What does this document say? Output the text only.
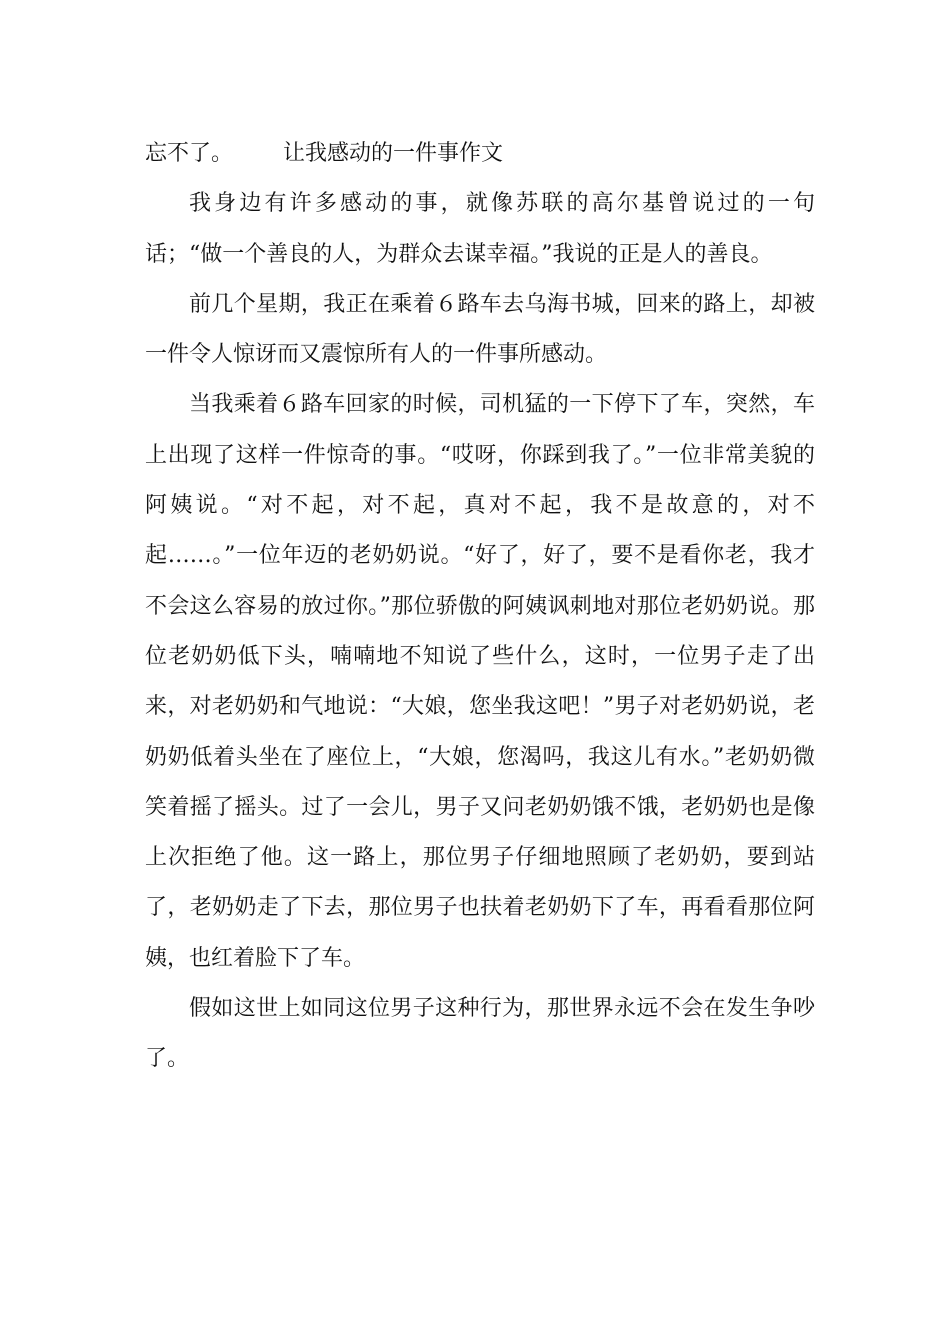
忘不了。 让我感动的一件事作文

我身边有许多感动的事，就像苏联的高尔基曾说过的一句话；“做一个善良的人，为群众去谋幸福。”我说的正是人的善良。

前几个星期，我正在乘着６路车去乌海书城，回来的路上，却被一件令人惊讶而又震惊所有人的一件事所感动。

当我乘着６路车回家的时候，司机猛的一下停下了车，突然，车上出现了这样一件惊奇的事。“哎呀，你踩到我了。”一位非常美貌的阿姨说。“对不起，对不起，真对不起，我不是故意的，对不起……。”一位年迈的老奶奶说。“好了，好了，要不是看你老，我才不会这么容易的放过你。”那位骄傲的阿姨讽刺地对那位老奶奶说。那位老奶奶低下头，喃喃地不知说了些什么，这时，一位男子走了出来，对老奶奶和气地说：“大娘，您坐我这吧！”男子对老奶奶说，老奶奶低着头坐在了座位上，“大娘，您渴吗，我这儿有水。”老奶奶微笑着摇了摇头。过了一会儿，男子又问老奶奶饿不饿，老奶奶也是像上次拒绝了他。这一路上，那位男子仔细地照顾了老奶奶，要到站了，老奶奶走了下去，那位男子也扶着老奶奶下了车，再看看那位阿姨，也红着脸下了车。

假如这世上如同这位男子这种行为，那世界永远不会在发生争吵了。
